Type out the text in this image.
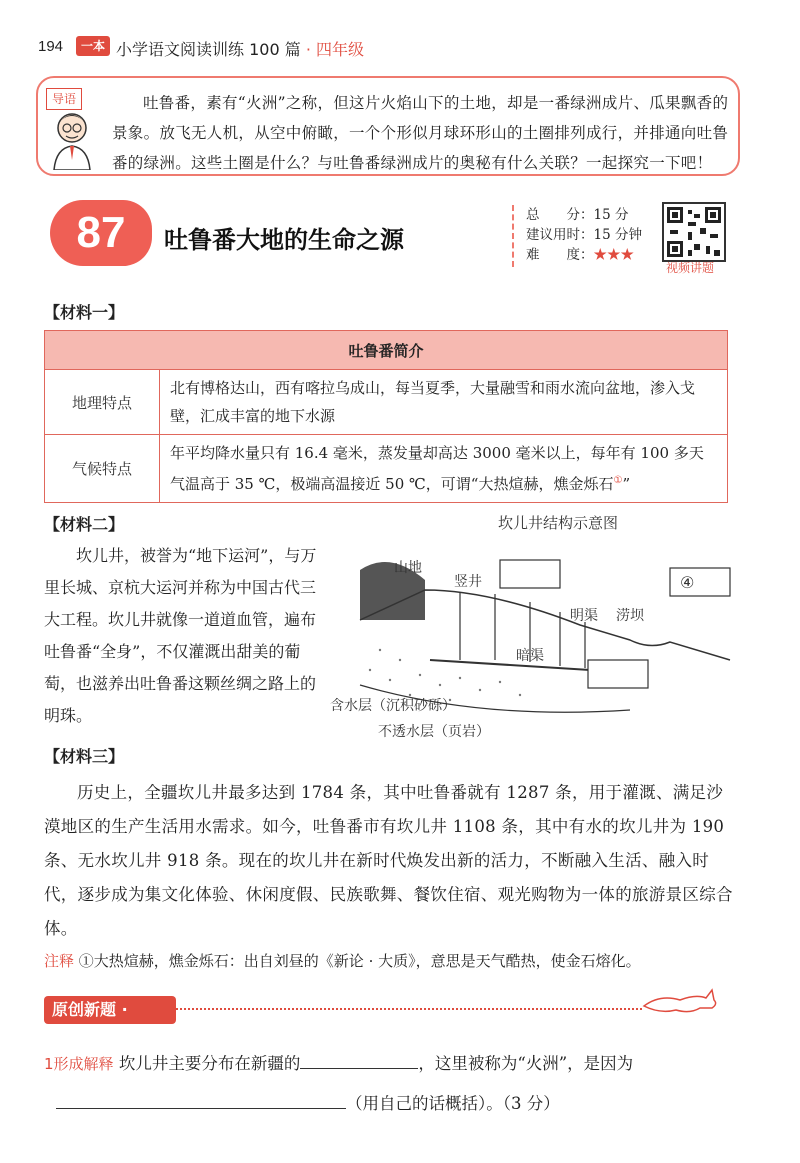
194	一本 小学语文阅读训练 100 篇 · 四年级
导语	吐鲁番，素有“火洲”之称，但这片火焰山下的土地，却是一番绿洲成片、瓜果飘香的景象。放飞无人机，从空中俯瞰，一个个形似月球环形山的土圈排列成行，并排通向吐鲁番的绿洲。这些土圈是什么？与吐鲁番绿洲成片的奥秘有什么关联？一起探究一下吧！

87	吐鲁番大地的生命之源
总　　分：15 分
建议用时：15 分钟
难　　度：★★★
视频讲题
【材料一】
吐鲁番简介	
地理特点	北有博格达山，西有喀拉乌成山，每当夏季，大量融雪和雨水流向盆地，渗入戈壁，汇成丰富的地下水源
气候特点	年平均降水量只有 16.4 毫米，蒸发量却高达 3000 毫米以上，每年有 100 多天气温高于 35 ℃，极端高温接近 50 ℃，可谓“大热煊赫，燋金烁石①”
【材料二】

坎儿井，被誉为“地下运河”，与万里长城、京杭大运河并称为中国古代三大工程。坎儿井就像一道道血管，遍布吐鲁番“全身”，不仅灌溉出甜美的葡萄，也滋养出吐鲁番这颗丝绸之路上的明珠。

坎儿井结构示意图
山地
竖井	④
明渠 涝坝
暗渠
含水层（沉积砂砾）
不透水层（页岩）
【材料三】

历史上，全疆坎儿井最多达到 1784 条，其中吐鲁番就有 1287 条，用于灌溉、满足沙漠地区的生产生活用水需求。如今，吐鲁番市有坎儿井 1108 条，其中有水的坎儿井为 190 条、无水坎儿井 918 条。现在的坎儿井在新时代焕发出新的活力，不断融入生活、融入时代，逐步成为集文化体验、休闲度假、民族歌舞、餐饮住宿、观光购物为一体的旅游景区综合体。

注释 ①大热煊赫，燋金烁石：出自刘昼的《新论 · 大质》，意思是天气酷热，使金石熔化。
原创新题 ·
1形成解释 坎儿井主要分布在新疆的	，这里被称为“火洲”，是因为
（用自己的话概括）。（3 分）
